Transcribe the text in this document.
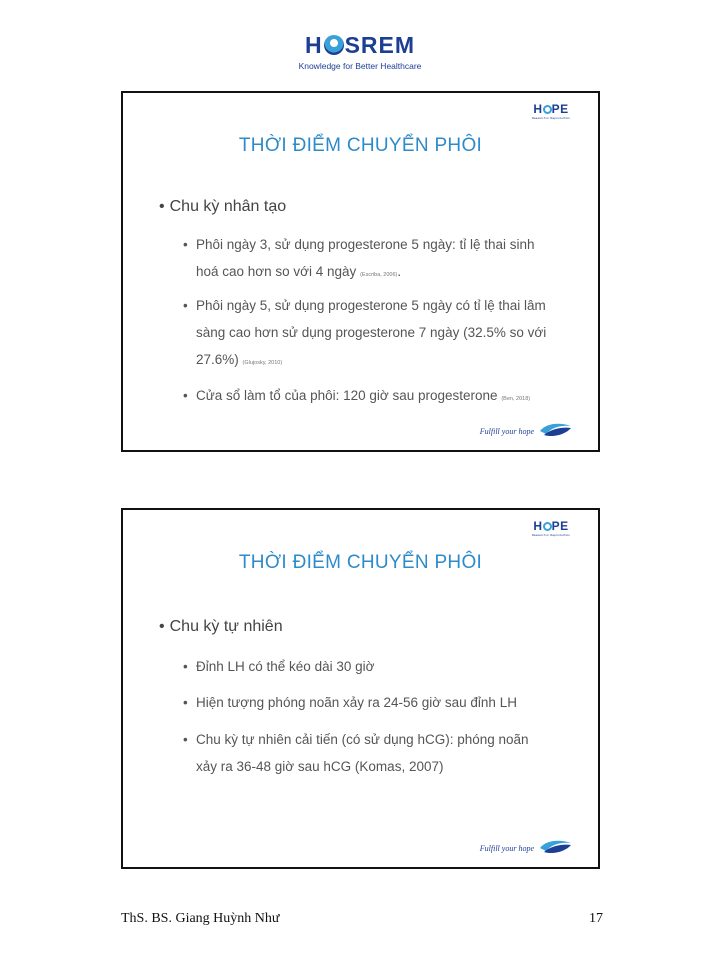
H SREM
Knowledge for Better Healthcare
H PE
Research in Reproduction
THỜI ĐIỂM CHUYỂN PHÔI
• Chu kỳ nhân tạo
• Phôi ngày 3, sử dụng progesterone 5 ngày: tỉ lệ thai sinh
hoá cao hơn so với 4 ngày (Escriba, 2006).
• Phôi ngày 5, sử dụng progesterone 5 ngày có tỉ lệ thai lâm
sàng cao hơn sử dụng progesterone 7 ngày (32.5% so với
27.6%) (Glujosky, 2010)
• Cửa sổ làm tổ của phôi: 120 giờ sau progesterone (Ben, 2018)
Fulfill your hope
H PE
Research in Reproduction
THỜI ĐIỂM CHUYỂN PHÔI
• Chu kỳ tự nhiên
• Đỉnh LH có thể kéo dài 30 giờ
• Hiện tượng phóng noãn xảy ra 24-56 giờ sau đỉnh LH
• Chu kỳ tự nhiên cải tiến (có sử dụng hCG): phóng noãn
xảy ra 36-48 giờ sau hCG (Komas, 2007)
Fulfill your hope
ThS. BS. Giang Huỳnh Như	17
